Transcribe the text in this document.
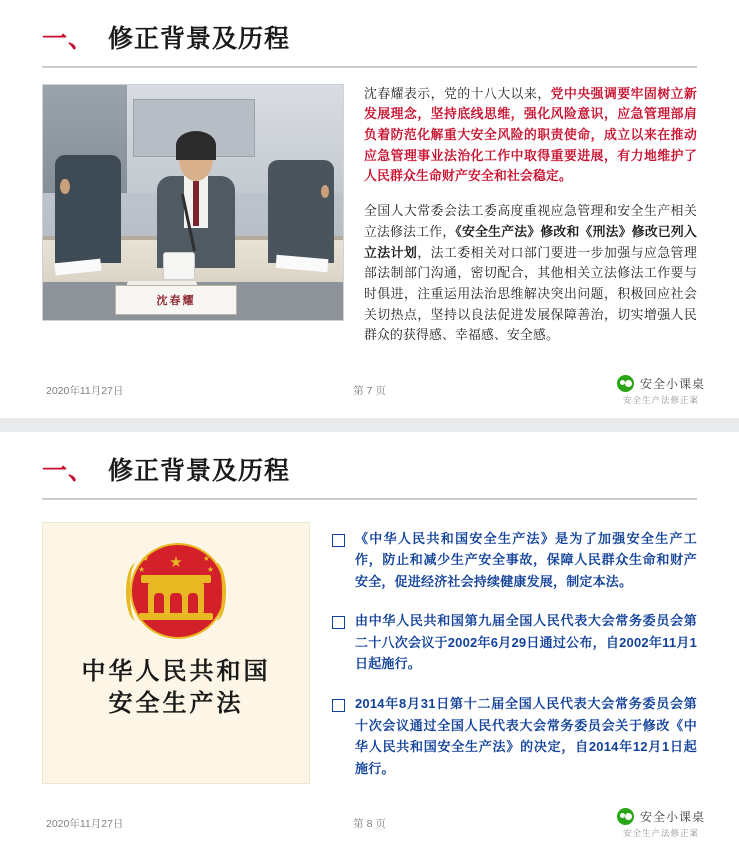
一、 修正背景及历程
沈春耀

沈春耀表示，党的十八大以来，党中央强调要牢固树立新发展理念，坚持底线思维，强化风险意识，应急管理部肩负着防范化解重大安全风险的职责使命，成立以来在推动应急管理事业法治化工作中取得重要进展，有力地维护了人民群众生命财产安全和社会稳定。

全国人大常委会法工委高度重视应急管理和安全生产相关立法修法工作，《安全生产法》修改和《刑法》修改已列入立法计划，法工委相关对口部门要进一步加强与应急管理部法制部门沟通，密切配合，其他相关立法修法工作要与时俱进，注重运用法治思维解决突出问题，积极回应社会关切热点，坚持以良法促进发展保障善治，切实增强人民群众的获得感、幸福感、安全感。

2020年11月27日	第 7 页	安全小课桌
安全生产法修正案
一、 修正背景及历程
★
★
★	★
★
中华人民共和国
安全生产法
《中华人民共和国安全生产法》是为了加强安全生产工作，防止和减少生产安全事故，保障人民群众生命和财产安全，促进经济社会持续健康发展，制定本法。
由中华人民共和国第九届全国人民代表大会常务委员会第二十八次会议于2002年6月29日通过公布，自2002年11月1日起施行。
2014年8月31日第十二届全国人民代表大会常务委员会第十次会议通过全国人民代表大会常务委员会关于修改《中华人民共和国安全生产法》的决定，自2014年12月1日起施行。
2020年11月27日	第 8 页	安全小课桌
安全生产法修正案
